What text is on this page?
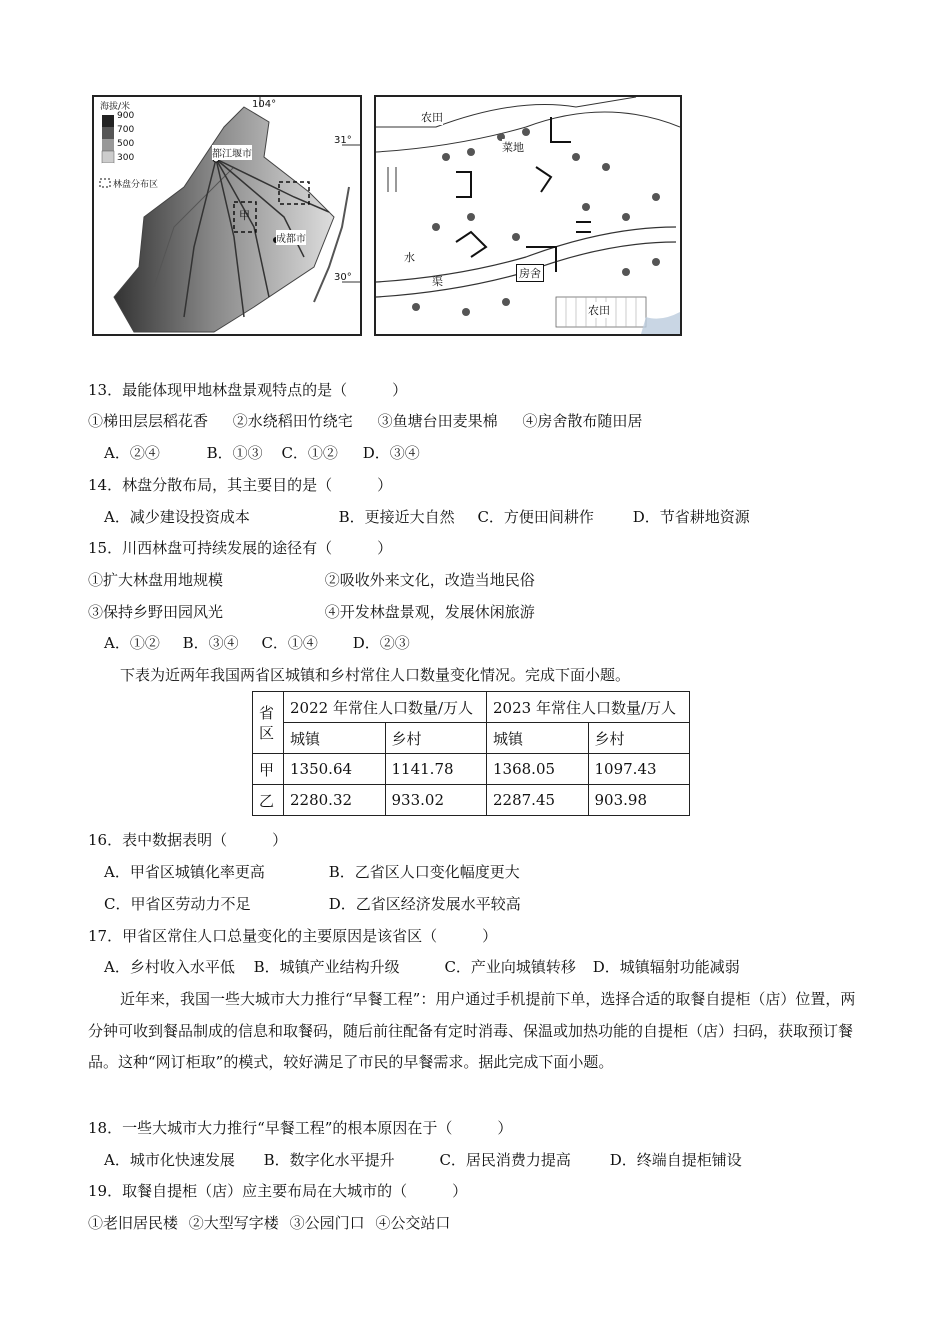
海拔/米
900
700
500
300
林盘分布区
104°
31°
30°
都江堰市
成都市
甲
农田
菜地
水
渠
房舍
农田
13．最能体现甲地林盘景观特点的是（　　　）
①梯田层层稻花香 ②水绕稻田竹绕宅 ③鱼塘台田麦果棉 ④房舍散布随田居
A．②④	B．①③ C．①② D．③④
14．林盘分散布局，其主要目的是（　　　）
A．减少建设投资成本	B．更接近大自然 C．方便田间耕作	D．节省耕地资源
15．川西林盘可持续发展的途径有（　　　）
①扩大林盘用地规模	②吸收外来文化，改造当地民俗
③保持乡野田园风光	④开发林盘景观，发展休闲旅游
A．①② B．③④ C．①④ D．②③
下表为近两年我国两省区城镇和乡村常住人口数量变化情况。完成下面小题。
省区	2022 年常住人口数量/万人		2023 年常住人口数量/万人	
	城镇	乡村	城镇	乡村
甲	1350.64	1141.78	1368.05	1097.43
乙	2280.32	933.02	2287.45	903.98
16．表中数据表明（　　　）
A．甲省区城镇化率更高	B．乙省区人口变化幅度更大
C．甲省区劳动力不足	D．乙省区经济发展水平较高
17．甲省区常住人口总量变化的主要原因是该省区（　　　）
A．乡村收入水平低 B．城镇产业结构升级	C．产业向城镇转移 D．城镇辐射功能减弱
近年来，我国一些大城市大力推行“早餐工程”：用户通过手机提前下单，选择合适的取餐自提柜（店）位置，两分钟可收到餐品制成的信息和取餐码，随后前往配备有定时消毒、保温或加热功能的自提柜（店）扫码，获取预订餐品。这种“网订柜取”的模式，较好满足了市民的早餐需求。据此完成下面小题。
18．一些大城市大力推行“早餐工程”的根本原因在于（　　　）
A．城市化快速发展 B．数字化水平提升	C．居民消费力提高	D．终端自提柜铺设
19．取餐自提柜（店）应主要布局在大城市的（　　　）
①老旧居民楼 ②大型写字楼 ③公园门口 ④公交站口
